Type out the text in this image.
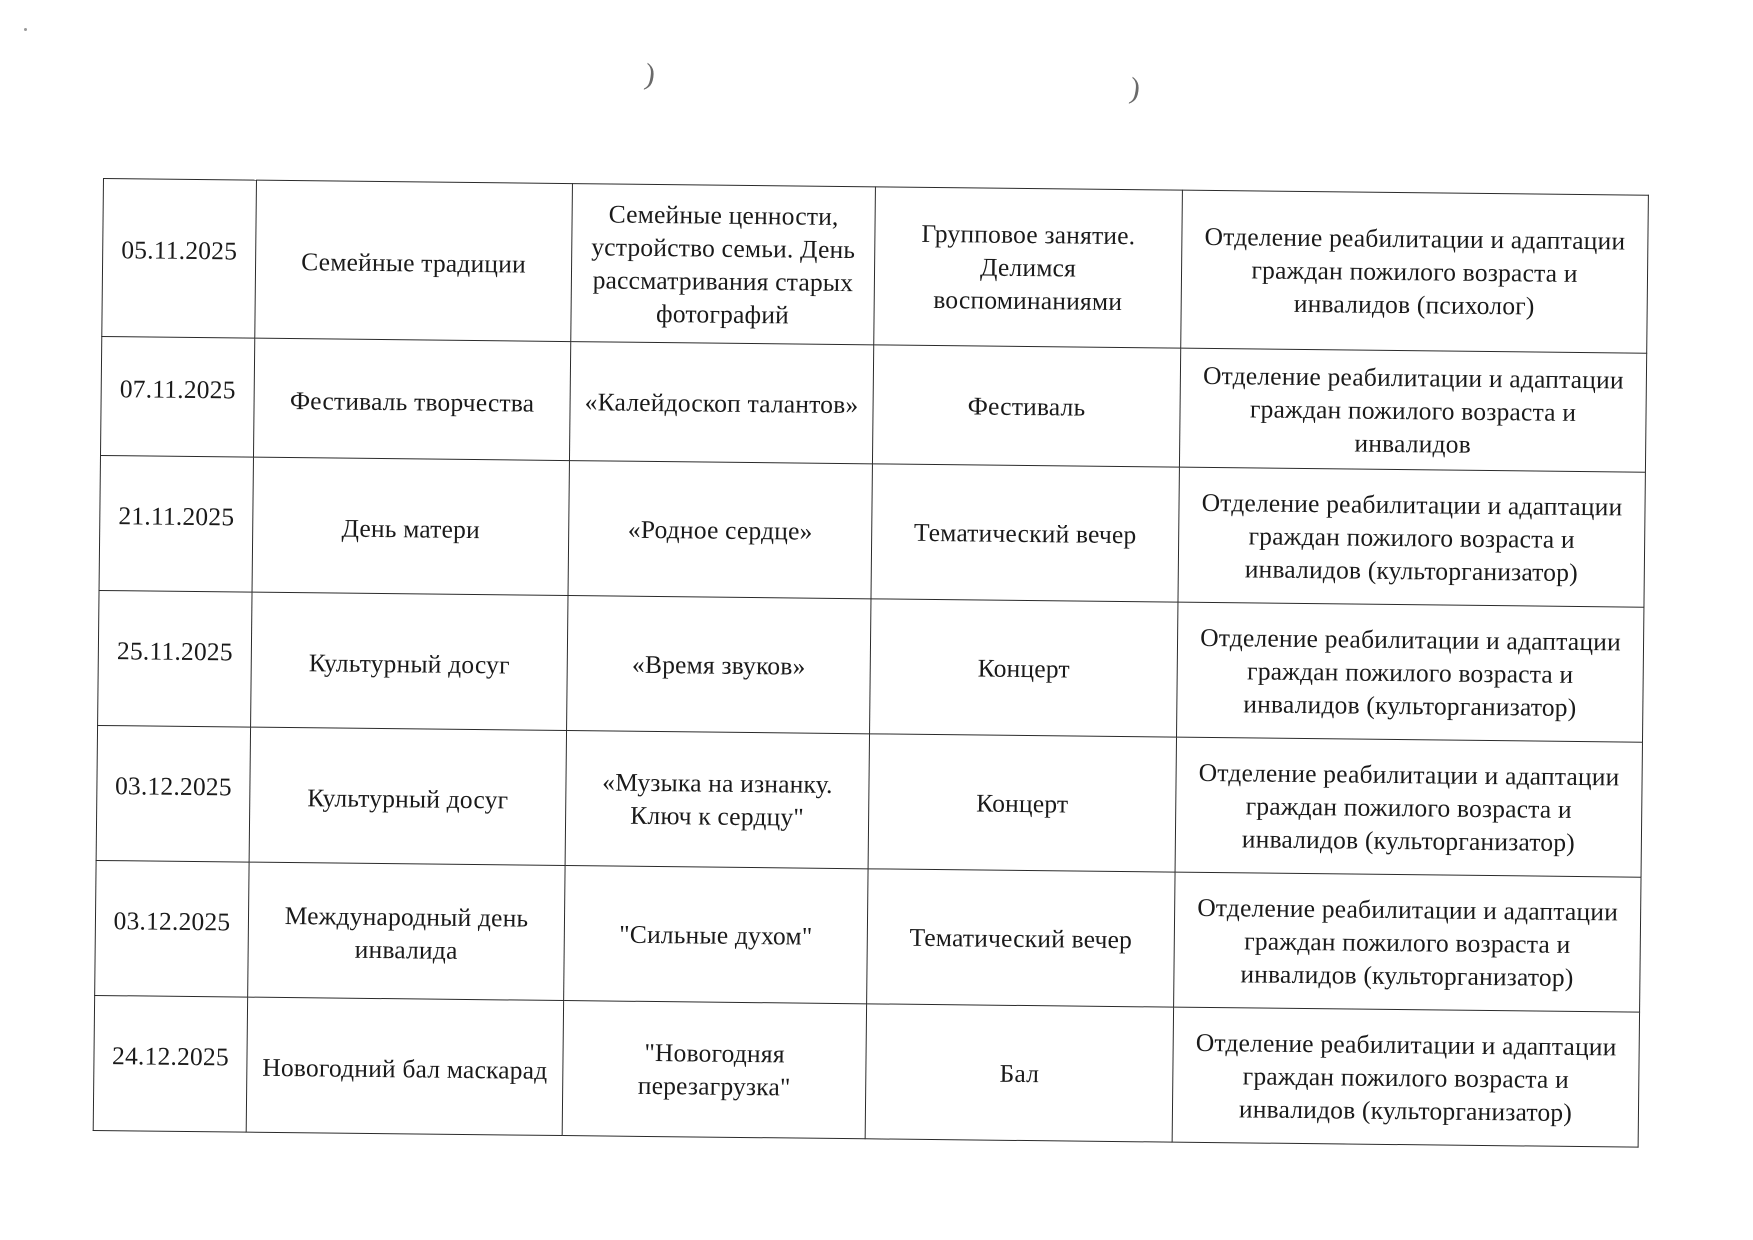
)	)
05.11.2025	Семейные традиции	Семейные ценности, устройство семьи. День рассматривания старых фотографий	Групповое занятие. Делимся воспоминаниями	Отделение реабилитации и адаптации граждан пожилого возраста и инвалидов (психолог)
07.11.2025	Фестиваль творчества	«Калейдоскоп талантов»	Фестиваль	Отделение реабилитации и адаптации граждан пожилого возраста и инвалидов
21.11.2025	День матери	«Родное сердце»	Тематический вечер	Отделение реабилитации и адаптации граждан пожилого возраста и инвалидов (культорганизатор)
25.11.2025	Культурный досуг	«Время звуков»	Концерт	Отделение реабилитации и адаптации граждан пожилого возраста и инвалидов (культорганизатор)
03.12.2025	Культурный досуг	«Музыка на изнанку. Ключ к сердцу"	Концерт	Отделение реабилитации и адаптации граждан пожилого возраста и инвалидов (культорганизатор)
03.12.2025	Международный день инвалида	"Сильные духом"	Тематический вечер	Отделение реабилитации и адаптации граждан пожилого возраста и инвалидов (культорганизатор)
24.12.2025	Новогодний бал маскарад	"Новогодняя перезагрузка"	Бал	Отделение реабилитации и адаптации граждан пожилого возраста и инвалидов (культорганизатор)
